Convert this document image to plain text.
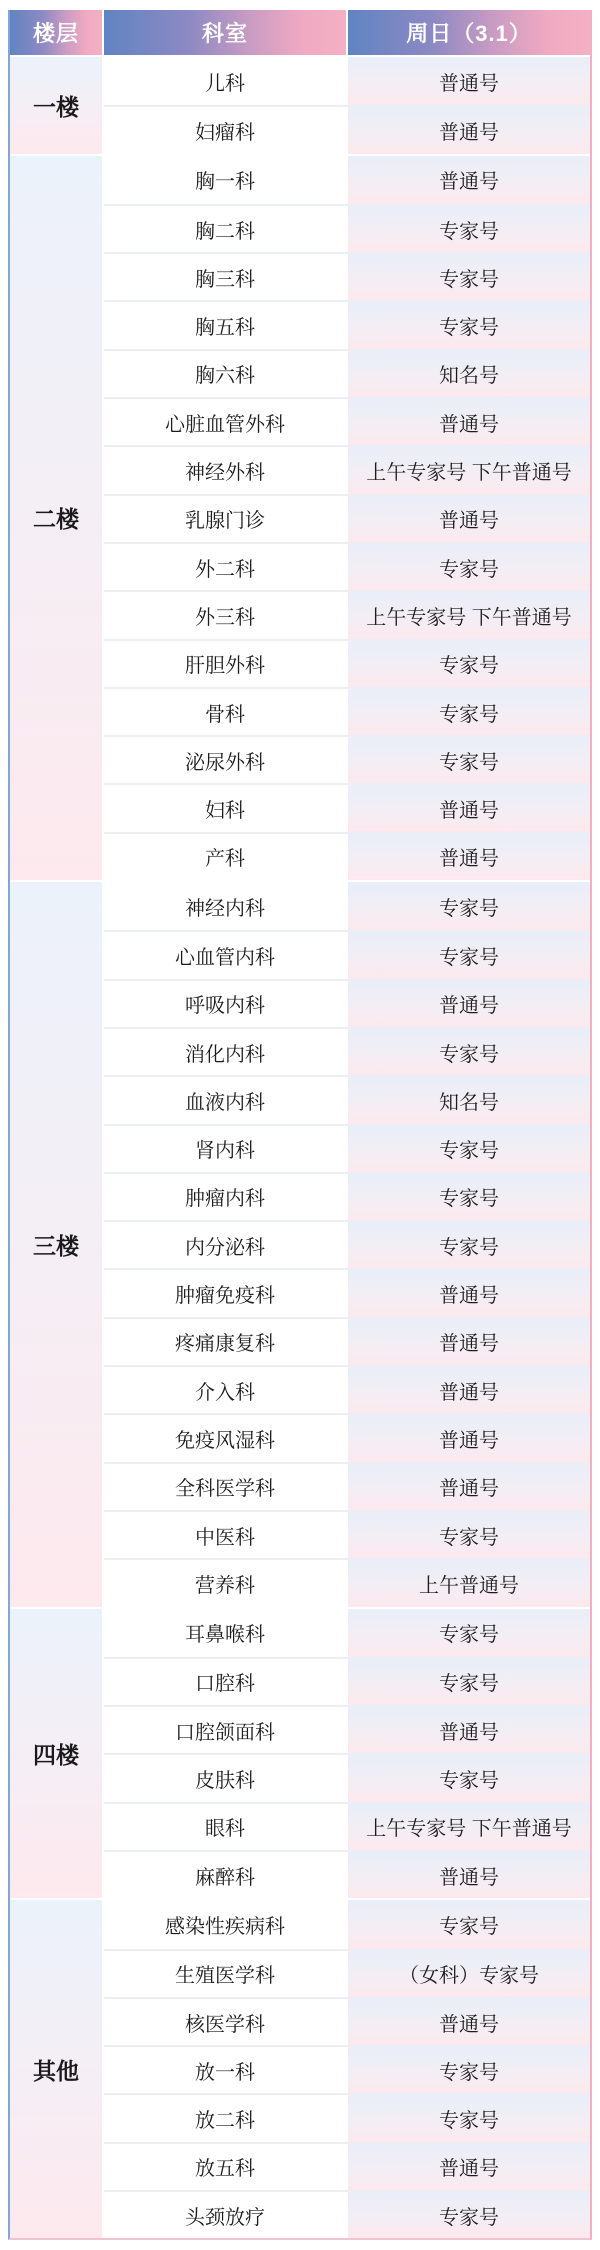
楼层	科室	周日（3.1）
一楼
儿科	普通号
妇瘤科	普通号
二楼
胸一科	普通号
胸二科	专家号
胸三科	专家号
胸五科	专家号
胸六科	知名号
心脏血管外科	普通号
神经外科	上午专家号 下午普通号
乳腺门诊	普通号
外二科	专家号
外三科	上午专家号 下午普通号
肝胆外科	专家号
骨科	专家号
泌尿外科	专家号
妇科	普通号
产科	普通号
三楼
神经内科	专家号
心血管内科	专家号
呼吸内科	普通号
消化内科	专家号
血液内科	知名号
肾内科	专家号
肿瘤内科	专家号
内分泌科	专家号
肿瘤免疫科	普通号
疼痛康复科	普通号
介入科	普通号
免疫风湿科	普通号
全科医学科	普通号
中医科	专家号
营养科	上午普通号
四楼
耳鼻喉科	专家号
口腔科	专家号
口腔颌面科	普通号
皮肤科	专家号
眼科	上午专家号 下午普通号
麻醉科	普通号
其他
感染性疾病科	专家号
生殖医学科	（女科）专家号
核医学科	普通号
放一科	专家号
放二科	专家号
放五科	普通号
头颈放疗	专家号
